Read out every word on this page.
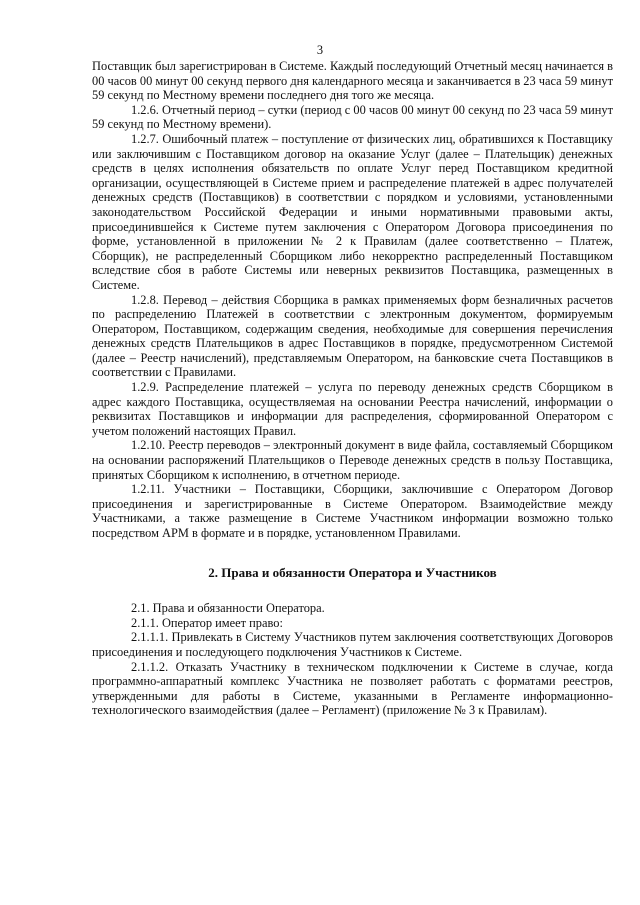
3

Поставщик был зарегистрирован в Системе. Каждый последующий Отчетный месяц начинается в 00 часов 00 минут 00 секунд первого дня календарного месяца и заканчивается в 23 часа 59 минут 59 секунд по Местному времени последнего дня того же месяца.

1.2.6. Отчетный период – сутки (период с 00 часов 00 минут 00 секунд по 23 часа 59 минут 59 секунд по Местному времени).

1.2.7. Ошибочный платеж – поступление от физических лиц, обратившихся к Поставщику или заключившим с Поставщиком договор на оказание Услуг (далее – Плательщик) денежных средств в целях исполнения обязательств по оплате Услуг перед Поставщиком кредитной организации, осуществляющей в Системе прием и распределение платежей в адрес получателей денежных средств (Поставщиков) в соответствии с порядком и условиями, установленными законодательством Российской Федерации и иными нормативными правовыми акты, присоединившейся к Системе путем заключения с Оператором Договора присоединения по форме, установленной в приложении № 2 к Правилам (далее соответственно – Платеж, Сборщик), не распределенный Сборщиком либо некорректно распределенный Поставщиком вследствие сбоя в работе Системы или неверных реквизитов Поставщика, размещенных в Системе.

1.2.8. Перевод – действия Сборщика в рамках применяемых форм безналичных расчетов по распределению Платежей в соответствии с электронным документом, формируемым Оператором, Поставщиком, содержащим сведения, необходимые для совершения перечисления денежных средств Плательщиков в адрес Поставщиков в порядке, предусмотренном Системой (далее – Реестр начислений), представляемым Оператором, на банковские счета Поставщиков в соответствии с Правилами.

1.2.9. Распределение платежей – услуга по переводу денежных средств Сборщиком в адрес каждого Поставщика, осуществляемая на основании Реестра начислений, информации о реквизитах Поставщиков и информации для распределения, сформированной Оператором с учетом положений настоящих Правил.

1.2.10. Реестр переводов – электронный документ в виде файла, составляемый Сборщиком на основании распоряжений Плательщиков о Переводе денежных средств в пользу Поставщика, принятых Сборщиком к исполнению, в отчетном периоде.

1.2.11. Участники – Поставщики, Сборщики, заключившие с Оператором Договор присоединения и зарегистрированные в Системе Оператором. Взаимодействие между Участниками, а также размещение в Системе Участником информации возможно только посредством АРМ в формате и в порядке, установленном Правилами.

2. Права и обязанности Оператора и Участников

2.1. Права и обязанности Оператора.

2.1.1. Оператор имеет право:

2.1.1.1. Привлекать в Систему Участников путем заключения соответствующих Договоров присоединения и последующего подключения Участников к Системе.

2.1.1.2. Отказать Участнику в техническом подключении к Системе в случае, когда программно-аппаратный комплекс Участника не позволяет работать с форматами реестров, утвержденными для работы в Системе, указанными в Регламенте информационно-технологического взаимодействия (далее – Регламент) (приложение № 3 к Правилам).
